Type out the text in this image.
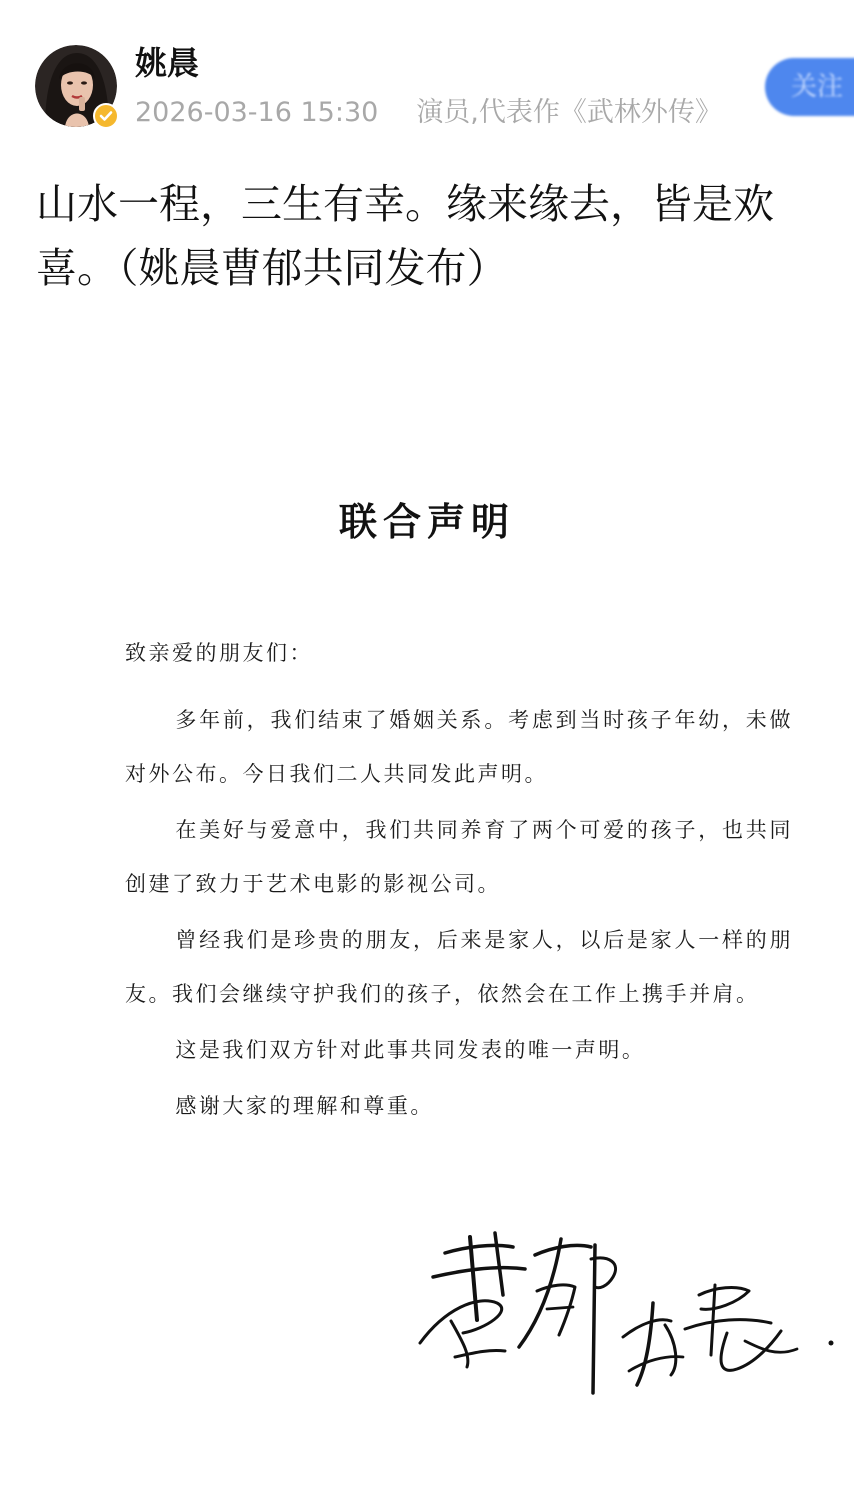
姚晨
2026-03-16 15:30 演员,代表作《武林外传》
关注
山水一程，三生有幸。缘来缘去，皆是欢喜。（姚晨曹郁共同发布）
联合声明

致亲爱的朋友们：

多年前，我们结束了婚姻关系。考虑到当时孩子年幼，未做对外公布。今日我们二人共同发此声明。

在美好与爱意中，我们共同养育了两个可爱的孩子，也共同创建了致力于艺术电影的影视公司。

曾经我们是珍贵的朋友，后来是家人，以后是家人一样的朋友。我们会继续守护我们的孩子，依然会在工作上携手并肩。

这是我们双方针对此事共同发表的唯一声明。

感谢大家的理解和尊重。
